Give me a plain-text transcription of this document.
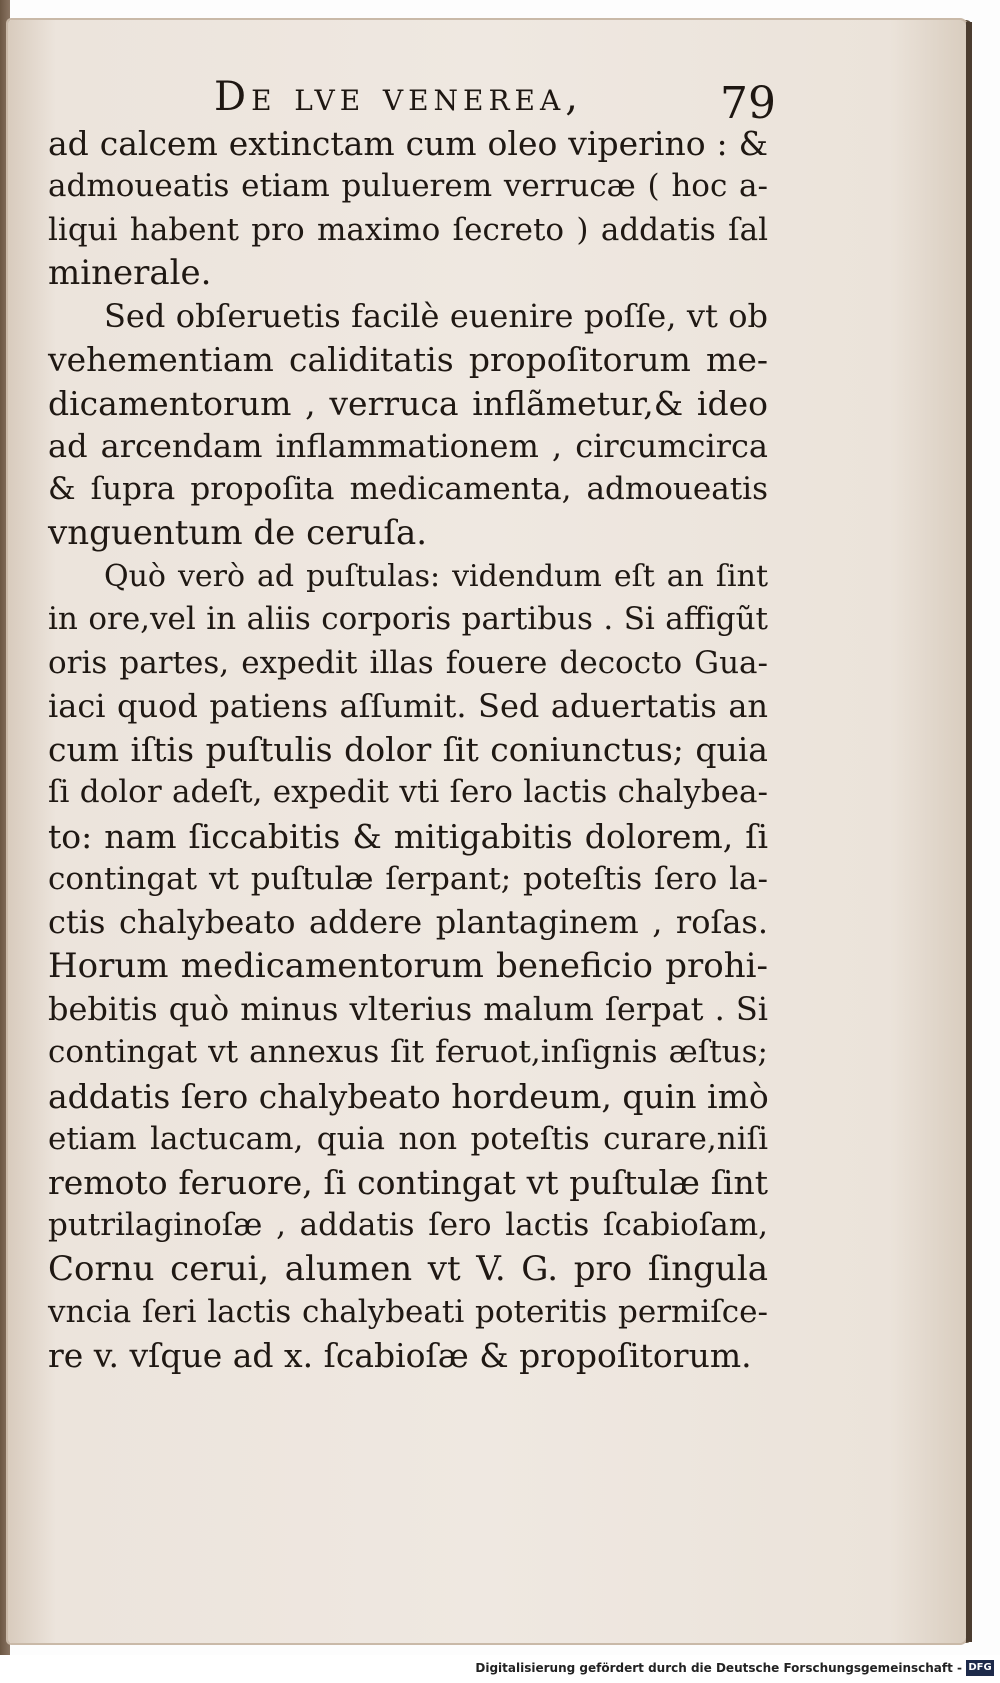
De lve venerea,	79
ad calcem extinctam cum oleo viperino : &
admoueatis etiam puluerem verrucæ ( hoc a-
liqui habent pro maximo ſecreto ) addatis ſal
minerale.
Sed obſeruetis facilè euenire poſſe, vt ob
vehementiam caliditatis propoſitorum me-
dicamentorum , verruca inflãmetur,& ideo
ad arcendam inflammationem , circumcirca
& ſupra propoſita medicamenta, admoueatis
vnguentum de ceruſa.
Quò verò ad puſtulas: videndum eſt an ſint
in ore,vel in aliis corporis partibus . Si affigũt
oris partes, expedit illas fouere decocto Gua-
iaci quod patiens aſſumit. Sed aduertatis an
cum iſtis puſtulis dolor ſit coniunctus; quia
ſi dolor adeſt, expedit vti ſero lactis chalybea-
to: nam ſiccabitis & mitigabitis dolorem, ſi
contingat vt puſtulæ ſerpant; poteſtis ſero la-
ctis chalybeato addere plantaginem , roſas.
Horum medicamentorum beneficio prohi-
bebitis quò minus vlterius malum ſerpat . Si
contingat vt annexus ſit feruot,inſignis æſtus;
addatis ſero chalybeato hordeum, quin imò
etiam lactucam, quia non poteſtis curare,niſi
remoto feruore, ſi contingat vt puſtulæ ſint
putrilaginoſæ , addatis ſero lactis ſcabioſam,
Cornu cerui, alumen vt V. G. pro ſingula
vncia ſeri lactis chalybeati poteritis permiſce-
re v. vſque ad x. ſcabioſæ & propoſitorum.
Digitalisierung gefördert durch die Deutsche Forschungsgemeinschaft - DFG
